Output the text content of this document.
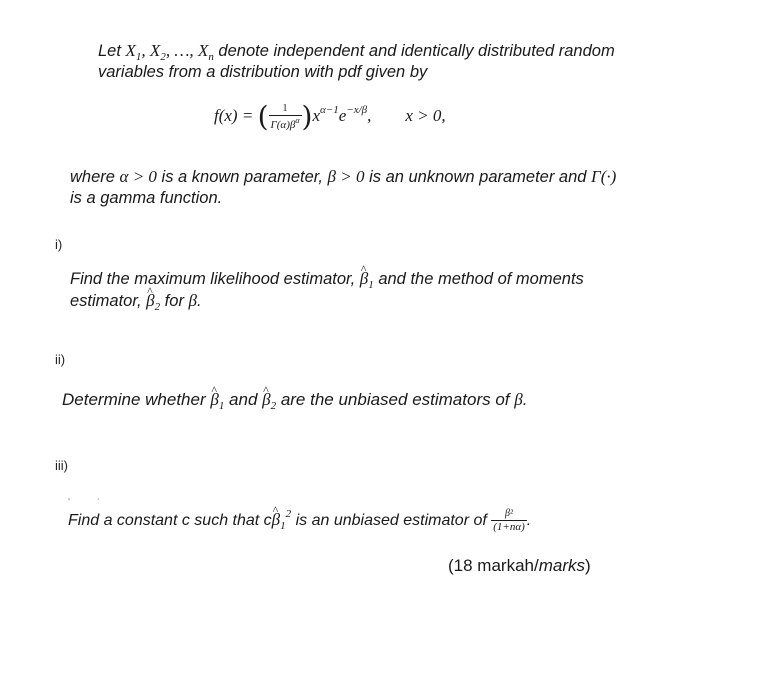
Let $X_1$, $X_2$, …, $X_n$ denote independent and identically distributed random
variables from a distribution with pdf given by

f(x) = ( $\frac{1}{\Gamma(\alpha)\beta^\alpha} )x^{\alpha-1}e^{-x/\beta}$, x > 0,

where α > 0 is a known parameter, β > 0 is an unknown parameter and Γ(·)
is a gamma function.

i)

Find the maximum likelihood estimator, ^ $\beta_1$ and the method of moments
estimator, ^ $\beta_2$ for β.

ii)

Determine whether ^ $\beta_1$ and ^ $\beta_2$ are the unbiased estimators of β.

iii)
˛         ˏ

Find a constant c such that c^ $\beta_1^2$ is an unbiased estimator of $\frac{\text{β²}}{(1+n\alpha)}$ .

(18 markah/marks)
